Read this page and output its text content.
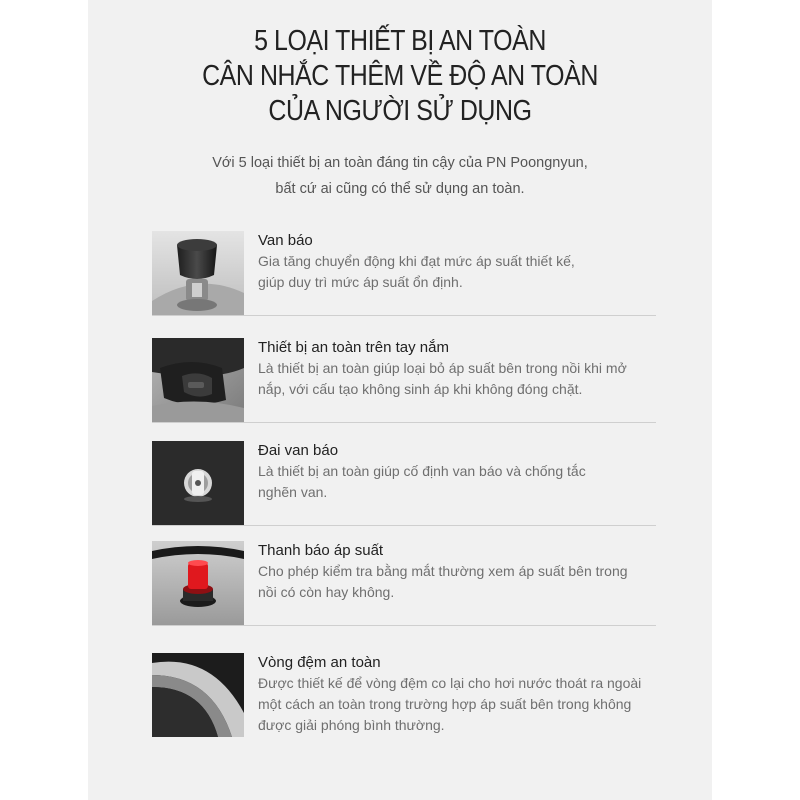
5 LOẠI THIẾT BỊ AN TOÀN
CÂN NHẮC THÊM VỀ ĐỘ AN TOÀN
CỦA NGƯỜI SỬ DỤNG
Với 5 loại thiết bị an toàn đáng tin cậy của PN Poongnyun,
bất cứ ai cũng có thể sử dụng an toàn.
Van báo
Gia tăng chuyển động khi đạt mức áp suất thiết kế,
giúp duy trì mức áp suất ổn định.
Thiết bị an toàn trên tay nắm
Là thiết bị an toàn giúp loại bỏ áp suất bên trong nồi khi mở
nắp, với cấu tạo không sinh áp khi không đóng chặt.
Đai van báo
Là thiết bị an toàn giúp cố định van báo và chống tắc
nghẽn van.
Thanh báo áp suất
Cho phép kiểm tra bằng mắt thường xem áp suất bên trong
nồi có còn hay không.
Vòng đệm an toàn
Được thiết kế để vòng đệm co lại cho hơi nước thoát ra ngoài
một cách an toàn trong trường hợp áp suất bên trong không
được giải phóng bình thường.
